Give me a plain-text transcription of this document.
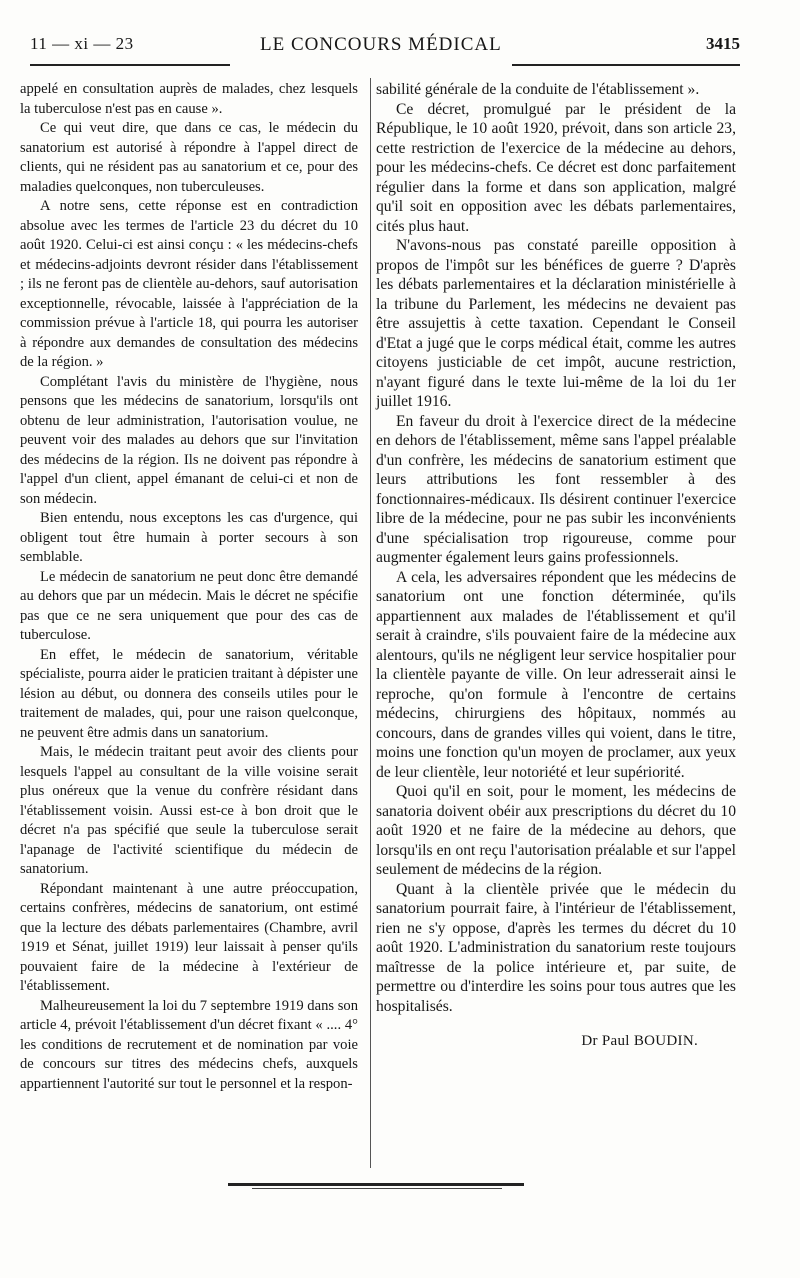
11 — xi — 23	LE CONCOURS MÉDICAL	3415

appelé en consultation auprès de malades, chez lesquels la tuberculose n'est pas en cause ».

Ce qui veut dire, que dans ce cas, le médecin du sanatorium est autorisé à répondre à l'appel direct de clients, qui ne résident pas au sanatorium et ce, pour des maladies quelconques, non tuberculeuses.

A notre sens, cette réponse est en contradiction absolue avec les termes de l'article 23 du décret du 10 août 1920. Celui-ci est ainsi conçu : « les médecins-chefs et médecins-adjoints devront résider dans l'établissement ; ils ne feront pas de clientèle au-dehors, sauf autorisation exceptionnelle, révocable, laissée à l'appréciation de la commission prévue à l'article 18, qui pourra les autoriser à répondre aux demandes de consultation des médecins de la région. »

Complétant l'avis du ministère de l'hygiène, nous pensons que les médecins de sanatorium, lorsqu'ils ont obtenu de leur administration, l'autorisation voulue, ne peuvent voir des malades au dehors que sur l'invitation des médecins de la région. Ils ne doivent pas répondre à l'appel d'un client, appel émanant de celui-ci et non de son médecin.

Bien entendu, nous exceptons les cas d'urgence, qui obligent tout être humain à porter secours à son semblable.

Le médecin de sanatorium ne peut donc être demandé au dehors que par un médecin. Mais le décret ne spécifie pas que ce ne sera uniquement que pour des cas de tuberculose.

En effet, le médecin de sanatorium, véritable spécialiste, pourra aider le praticien traitant à dépister une lésion au début, ou donnera des conseils utiles pour le traitement de malades, qui, pour une raison quelconque, ne peuvent être admis dans un sanatorium.

Mais, le médecin traitant peut avoir des clients pour lesquels l'appel au consultant de la ville voisine serait plus onéreux que la venue du confrère résidant dans l'établissement voisin. Aussi est-ce à bon droit que le décret n'a pas spécifié que seule la tuberculose serait l'apanage de l'activité scientifique du médecin de sanatorium.

Répondant maintenant à une autre préoccupation, certains confrères, médecins de sanatorium, ont estimé que la lecture des débats parlementaires (Chambre, avril 1919 et Sénat, juillet 1919) leur laissait à penser qu'ils pouvaient faire de la médecine à l'extérieur de l'établissement.

Malheureusement la loi du 7 septembre 1919 dans son article 4, prévoit l'établissement d'un décret fixant « .... 4° les conditions de recrutement et de nomination par voie de concours sur titres des médecins chefs, auxquels appartiennent l'autorité sur tout le personnel et la respon-

sabilité générale de la conduite de l'établissement ».

Ce décret, promulgué par le président de la République, le 10 août 1920, prévoit, dans son article 23, cette restriction de l'exercice de la médecine au dehors, pour les médecins-chefs. Ce décret est donc parfaitement régulier dans la forme et dans son application, malgré qu'il soit en opposition avec les débats parlementaires, cités plus haut.

N'avons-nous pas constaté pareille opposition à propos de l'impôt sur les bénéfices de guerre ? D'après les débats parlementaires et la déclaration ministérielle à la tribune du Parlement, les médecins ne devaient pas être assujettis à cette taxation. Cependant le Conseil d'Etat a jugé que le corps médical était, comme les autres citoyens justiciable de cet impôt, aucune restriction, n'ayant figuré dans le texte lui-même de la loi du 1er juillet 1916.

En faveur du droit à l'exercice direct de la médecine en dehors de l'établissement, même sans l'appel préalable d'un confrère, les médecins de sanatorium estiment que leurs attributions les font ressembler à des fonctionnaires-médicaux. Ils désirent continuer l'exercice libre de la médecine, pour ne pas subir les inconvénients d'une spécialisation trop rigoureuse, comme pour augmenter également leurs gains professionnels.

A cela, les adversaires répondent que les médecins de sanatorium ont une fonction déterminée, qu'ils appartiennent aux malades de l'établissement et qu'il serait à craindre, s'ils pouvaient faire de la médecine aux alentours, qu'ils ne négligent leur service hospitalier pour la clientèle payante de ville. On leur adresserait ainsi le reproche, qu'on formule à l'encontre de certains médecins, chirurgiens des hôpitaux, nommés au concours, dans de grandes villes qui voient, dans le titre, moins une fonction qu'un moyen de proclamer, aux yeux de leur clientèle, leur notoriété et leur supériorité.

Quoi qu'il en soit, pour le moment, les médecins de sanatoria doivent obéir aux prescriptions du décret du 10 août 1920 et ne faire de la médecine au dehors, que lorsqu'ils en ont reçu l'autorisation préalable et sur l'appel seulement de médecins de la région.

Quant à la clientèle privée que le médecin du sanatorium pourrait faire, à l'intérieur de l'établissement, rien ne s'y oppose, d'après les termes du décret du 10 août 1920. L'administration du sanatorium reste toujours maîtresse de la police intérieure et, par suite, de permettre ou d'interdire les soins pour tous autres que les hospitalisés.

Dr Paul BOUDIN.
